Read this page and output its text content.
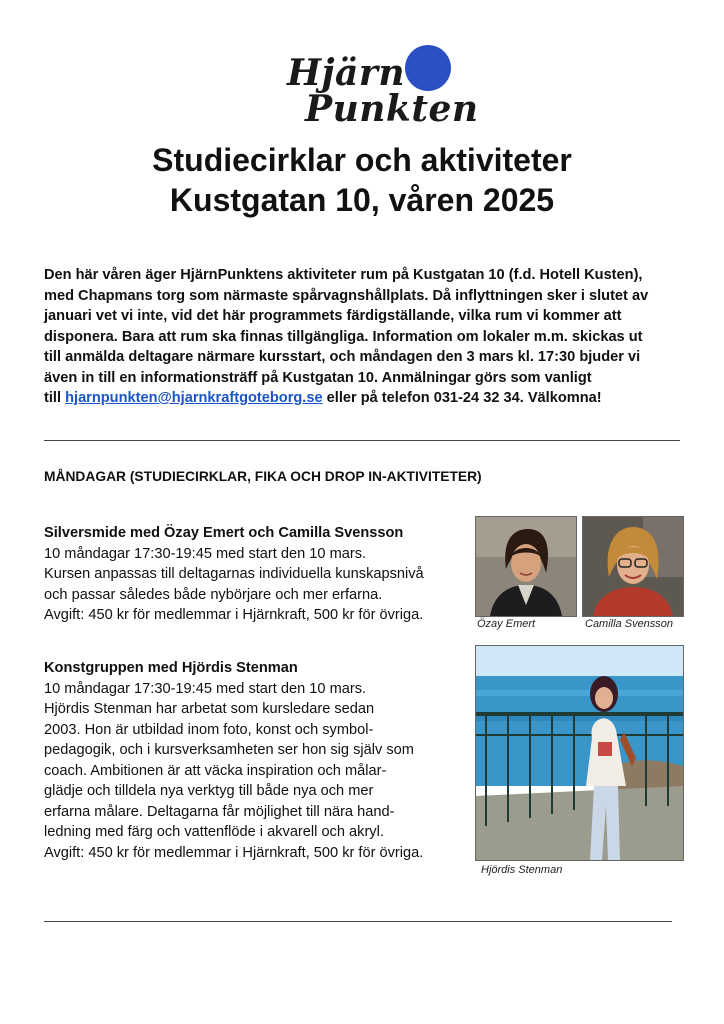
Hjärn
Punkten
Studiecirklar och aktiviteter
Kustgatan 10, våren 2025
Den här våren äger HjärnPunktens aktiviteter rum på Kustgatan 10 (f.d. Hotell Kusten),
med Chapmans torg som närmaste spårvagnshållplats. Då inflyttningen sker i slutet av
januari vet vi inte, vid det här programmets färdigställande, vilka rum vi kommer att
disponera. Bara att rum ska finnas tillgängliga. Information om lokaler m.m. skickas ut
till anmälda deltagare närmare kursstart, och måndagen den 3 mars kl. 17:30 bjuder vi
även in till en informationsträff på Kustgatan 10. Anmälningar görs som vanligt
till hjarnpunkten@hjarnkraftgoteborg.se eller på telefon 031-24 32 34. Välkomna!
MÅNDAGAR (STUDIECIRKLAR, FIKA OCH DROP IN-AKTIVITETER)
Silversmide med Özay Emert och Camilla Svensson
10 måndagar 17:30-19:45 med start den 10 mars.
Kursen anpassas till deltagarnas individuella kunskapsnivå
och passar således både nybörjare och mer erfarna.
Avgift: 450 kr för medlemmar i Hjärnkraft, 500 kr för övriga.
Konstgruppen med Hjördis Stenman
10 måndagar 17:30-19:45 med start den 10 mars.
Hjördis Stenman har arbetat som kursledare sedan
2003. Hon är utbildad inom foto, konst och symbol-
pedagogik, och i kursverksamheten ser hon sig själv som
coach. Ambitionen är att väcka inspiration och målar-
glädje och tilldela nya verktyg till både nya och mer
erfarna målare. Deltagarna får möjlighet till nära hand-
ledning med färg och vattenflöde i akvarell och akryl.
Avgift: 450 kr för medlemmar i Hjärnkraft, 500 kr för övriga.
Özay Emert	Camilla Svensson
Hjördis Stenman
